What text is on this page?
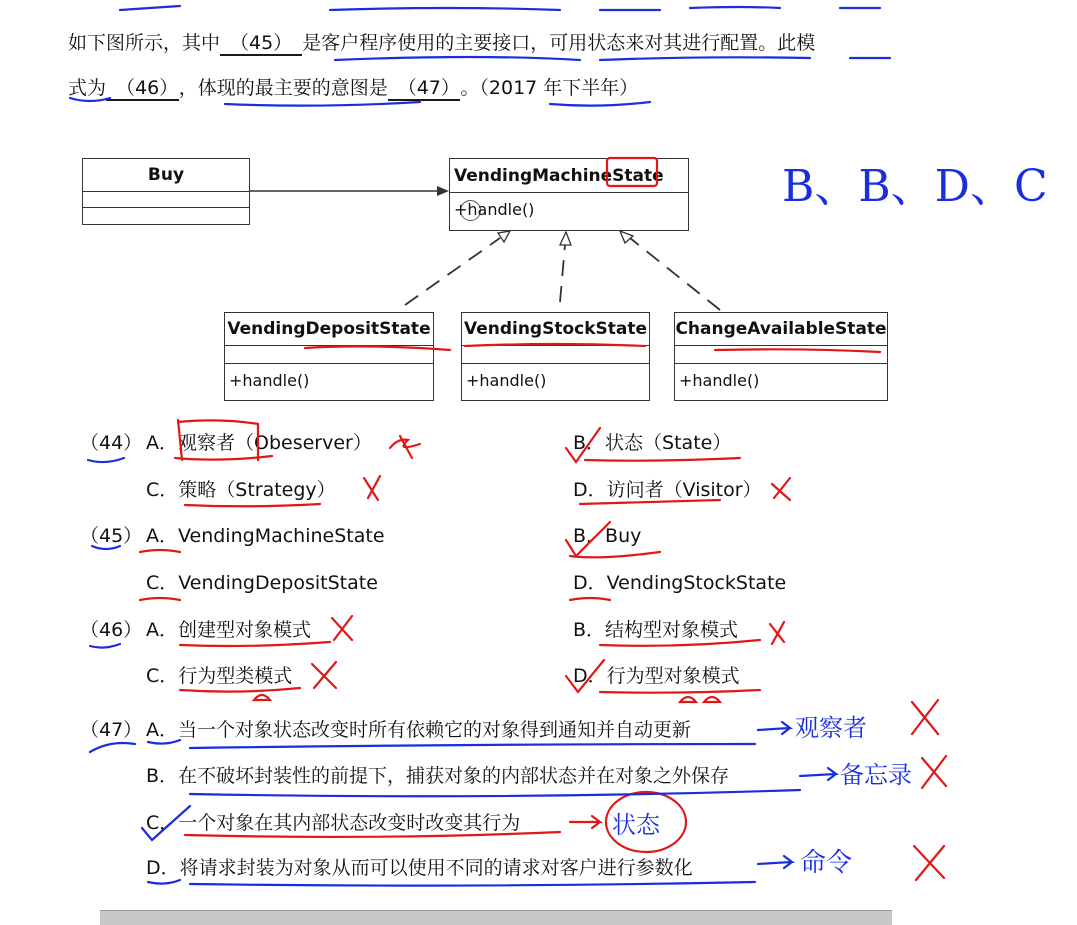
如下图所示，其中 （45） 是客户程序使用的主要接口，可用状态来对其进行配置。此模
式为 （46） ，体现的最主要的意图是 （47） 。（2017 年下半年）
Buy	VendingMachineState
+handle()
VendingDepositState
+handle()
VendingStockState
+handle()
ChangeAvailableState
+handle()
（44） A．观察者（Obeserver）	B．状态（State）
C．策略（Strategy）	D．访问者（Visitor）
（45） A．VendingMachineState	B．Buy
C．VendingDepositState	D．VendingStockState
（46） A．创建型对象模式	B．结构型对象模式
C．行为型类模式	D．行为型对象模式
（47） A．当一个对象状态改变时所有依赖它的对象得到通知并自动更新
B．在不破坏封装性的前提下，捕获对象的内部状态并在对象之外保存
C．一个对象在其内部状态改变时改变其行为
D．将请求封装为对象从而可以使用不同的请求对客户进行参数化
B、B、D、C
观察者
备忘录
状态
命令
